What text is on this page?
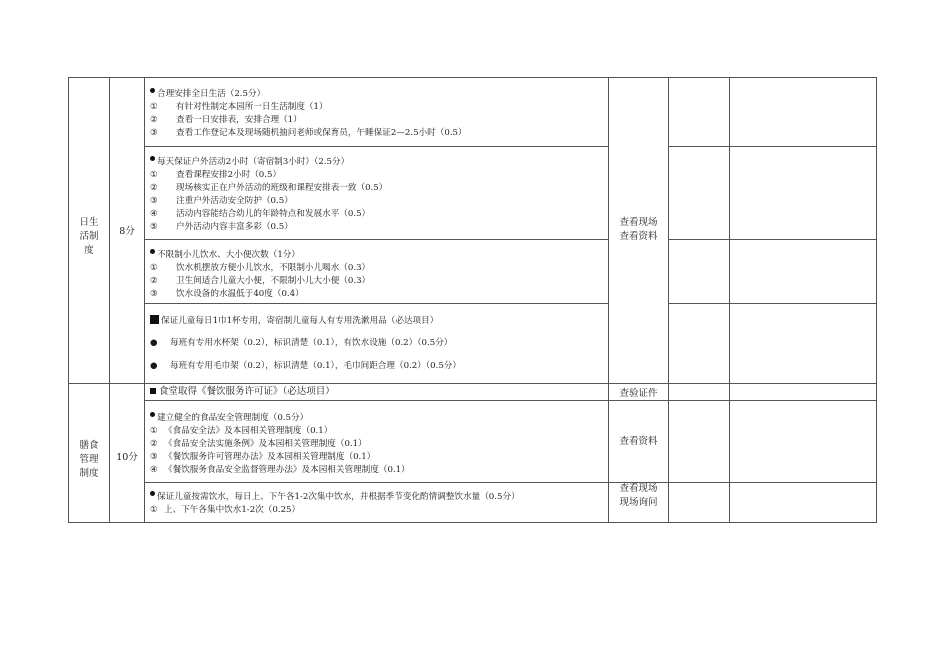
日生活制度
8分
查看现场
查看资料
合理安排全日生活（2.5分）
① 有针对性制定本园所一日生活制度（1）
② 查看一日安排表，安排合理（1）
③ 查看工作登记本及现场随机抽问老师或保育员，午睡保证2—2.5小时（0.5）
每天保证户外活动2小时（寄宿制3小时）（2.5分）
① 查看课程安排2小时（0.5）
② 现场核实正在户外活动的班级和课程安排表一致（0.5）
③ 注重户外活动安全防护（0.5）
④ 活动内容能结合幼儿的年龄特点和发展水平（0.5）
⑤ 户外活动内容丰富多彩（0.5）
不限制小儿饮水、大小便次数（1分）
① 饮水机摆放方便小儿饮水，不限制小儿喝水（0.3）
② 卫生间适合儿童大小便，不限制小儿大小便（0.3）
③ 饮水设备的水温低于40度（0.4）
保证儿童每日1巾1杯专用，寄宿制儿童每人有专用洗漱用品（必达项目）
● 每班有专用水杯架（0.2），标识清楚（0.1），有饮水设施（0.2）（0.5分）
● 每班有专用毛巾架（0.2），标识清楚（0.1），毛巾间距合理（0.2）（0.5分）
膳食管理制度
10分
查验证件
查看资料
查看现场
现场询问
食堂取得《餐饮服务许可证》（必达项目）
建立健全的食品安全管理制度（0.5分）
① 《食品安全法》及本园相关管理制度（0.1）
② 《食品安全法实施条例》及本园相关管理制度（0.1）
③ 《餐饮服务许可管理办法》及本园相关管理制度（0.1）
④ 《餐饮服务食品安全监督管理办法》及本园相关管理制度（0.1）
保证儿童按需饮水，每日上、下午各1-2次集中饮水，并根据季节变化酌情调整饮水量（0.5分）
① 上、下午各集中饮水1-2次（0.25）
